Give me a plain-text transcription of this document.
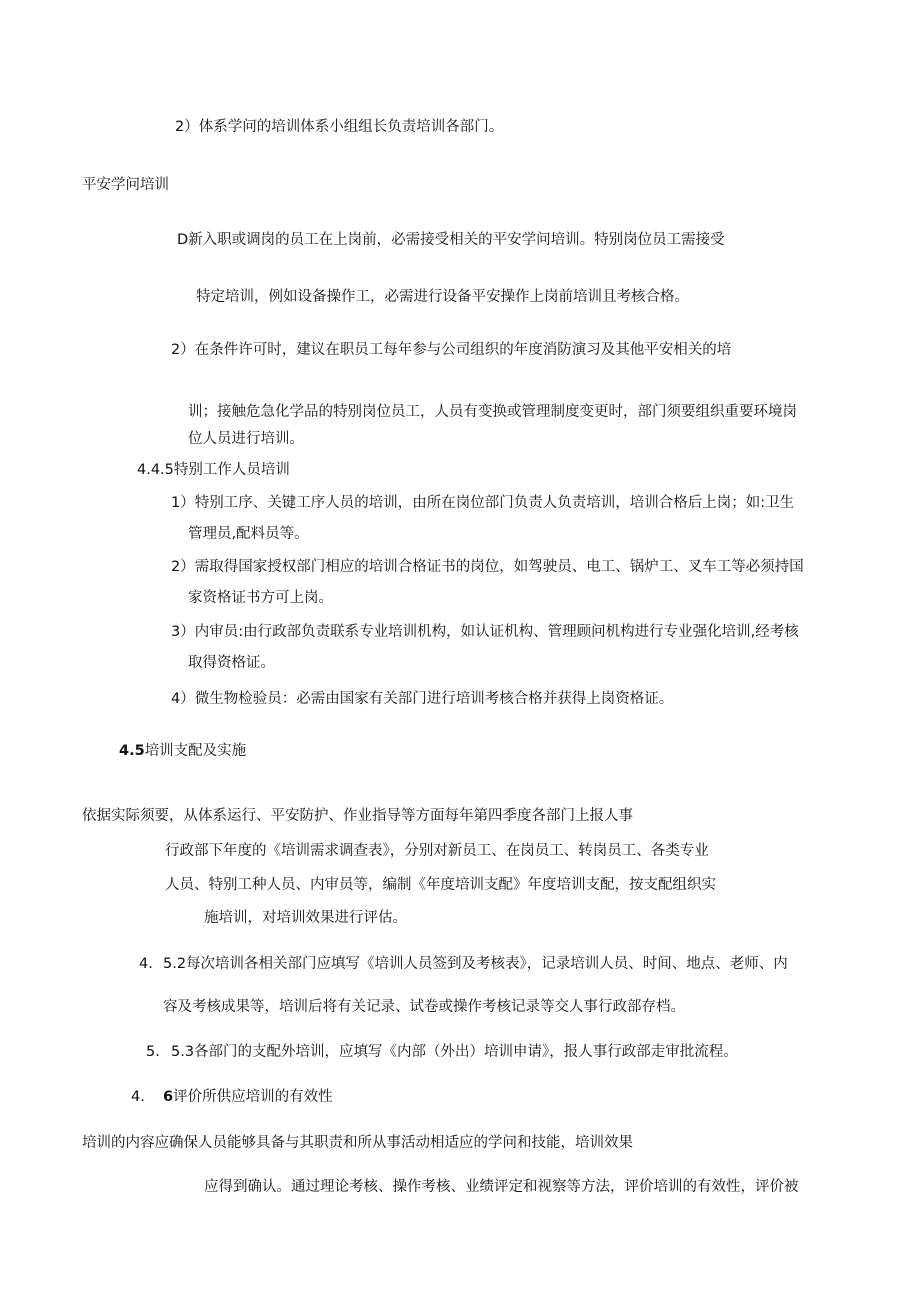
2）体系学问的培训体系小组组长负责培训各部门。

平安学问培训

D新入职或调岗的员工在上岗前，必需接受相关的平安学问培训。特别岗位员工需接受

特定培训，例如设备操作工，必需进行设备平安操作上岗前培训且考核合格。

2）在条件许可时，建议在职员工每年参与公司组织的年度消防演习及其他平安相关的培

训；接触危急化学品的特别岗位员工，人员有变换或管理制度变更时，部门须要组织重要环境岗

位人员进行培训。

4.4.5特别工作人员培训

1）特别工序、关键工序人员的培训，由所在岗位部门负责人负责培训，培训合格后上岗；如:卫生

管理员,配料员等。

2）需取得国家授权部门相应的培训合格证书的岗位，如驾驶员、电工、锅炉工、叉车工等必须持国

家资格证书方可上岗。

3）内审员:由行政部负责联系专业培训机构，如认证机构、管理顾问机构进行专业强化培训,经考核

取得资格证。

4）微生物检验员：必需由国家有关部门进行培训考核合格并获得上岗资格证。

4.5培训支配及实施

依据实际须要，从体系运行、平安防护、作业指导等方面每年第四季度各部门上报人事

行政部下年度的《培训需求调查表》，分别对新员工、在岗员工、转岗员工、各类专业

人员、特别工种人员、内审员等，编制《年度培训支配》年度培训支配，按支配组织实

施培训，对培训效果进行评估。

4. 5.2每次培训各相关部门应填写《培训人员签到及考核表》，记录培训人员、时间、地点、老师、内

容及考核成果等，培训后将有关记录、试卷或操作考核记录等交人事行政部存档。

5. 5.3各部门的支配外培训，应填写《内部（外出）培训申请》，报人事行政部走审批流程。

4. 6评价所供应培训的有效性

培训的内容应确保人员能够具备与其职责和所从事活动相适应的学问和技能，培训效果

应得到确认。通过理论考核、操作考核、业绩评定和视察等方法，评价培训的有效性，评价被
